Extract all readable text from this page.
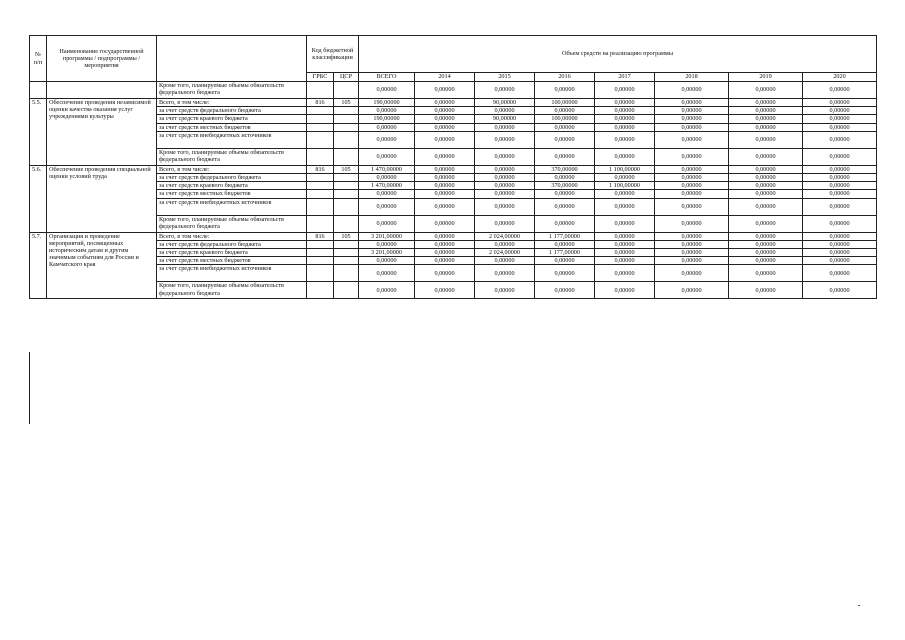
№ п/п	Наименование государственной программы / подпрограммы / мероприятия		Код бюджетной классификации		Объем средств на реализацию программы							
			ГРБС	ЦСР	ВСЕГО	2014	2015	2016	2017	2018	2019	2020
		Кроме того, планируемые объемы обязательств федерального бюджета			0,00000	0,00000	0,00000	0,00000	0,00000	0,00000	0,00000	0,00000
5.5.	Обеспечение проведения независимой оценки качества оказания услуг учреждениями культуры	Всего, в том числе:	816	105	190,00000	0,00000	90,00000	100,00000	0,00000	0,00000	0,00000	0,00000
		за счет средств федерального бюджета			0,00000	0,00000	0,00000	0,00000	0,00000	0,00000	0,00000	0,00000
		за счет средств краевого бюджета			190,00000	0,00000	90,00000	100,00000	0,00000	0,00000	0,00000	0,00000
		за счет средств местных бюджетов			0,00000	0,00000	0,00000	0,00000	0,00000	0,00000	0,00000	0,00000
		за счет средств внебюджетных источников			0,00000	0,00000	0,00000	0,00000	0,00000	0,00000	0,00000	0,00000
		Кроме того, планируемые объемы обязательств федерального бюджета			0,00000	0,00000	0,00000	0,00000	0,00000	0,00000	0,00000	0,00000
5.6.	Обеспечение проведения специальной оценки условий труда	Всего, в том числе:	816	105	1 470,00000	0,00000	0,00000	370,00000	1 100,00000	0,00000	0,00000	0,00000
		за счет средств федерального бюджета			0,00000	0,00000	0,00000	0,00000	0,00000	0,00000	0,00000	0,00000
		за счет средств краевого бюджета			1 470,00000	0,00000	0,00000	370,00000	1 100,00000	0,00000	0,00000	0,00000
		за счет средств местных бюджетов			0,00000	0,00000	0,00000	0,00000	0,00000	0,00000	0,00000	0,00000
		за счет средств внебюджетных источников			0,00000	0,00000	0,00000	0,00000	0,00000	0,00000	0,00000	0,00000
		Кроме того, планируемые объемы обязательств федерального бюджета			0,00000	0,00000	0,00000	0,00000	0,00000	0,00000	0,00000	0,00000
5.7.	Организация и проведение мероприятий, посвященных историческим датам и другим значимым событиям для России и Камчатского края	Всего, в том числе:	816	105	3 201,00000	0,00000	2 024,00000	1 177,00000	0,00000	0,00000	0,00000	0,00000
		за счет средств федерального бюджета			0,00000	0,00000	0,00000	0,00000	0,00000	0,00000	0,00000	0,00000
		за счет средств краевого бюджета			3 201,00000	0,00000	2 024,00000	1 177,00000	0,00000	0,00000	0,00000	0,00000
		за счет средств местных бюджетов			0,00000	0,00000	0,00000	0,00000	0,00000	0,00000	0,00000	0,00000
		за счет средств внебюджетных источников			0,00000	0,00000	0,00000	0,00000	0,00000	0,00000	0,00000	0,00000
		Кроме того, планируемые объемы обязательств федерального бюджета			0,00000	0,00000	0,00000	0,00000	0,00000	0,00000	0,00000	0,00000
